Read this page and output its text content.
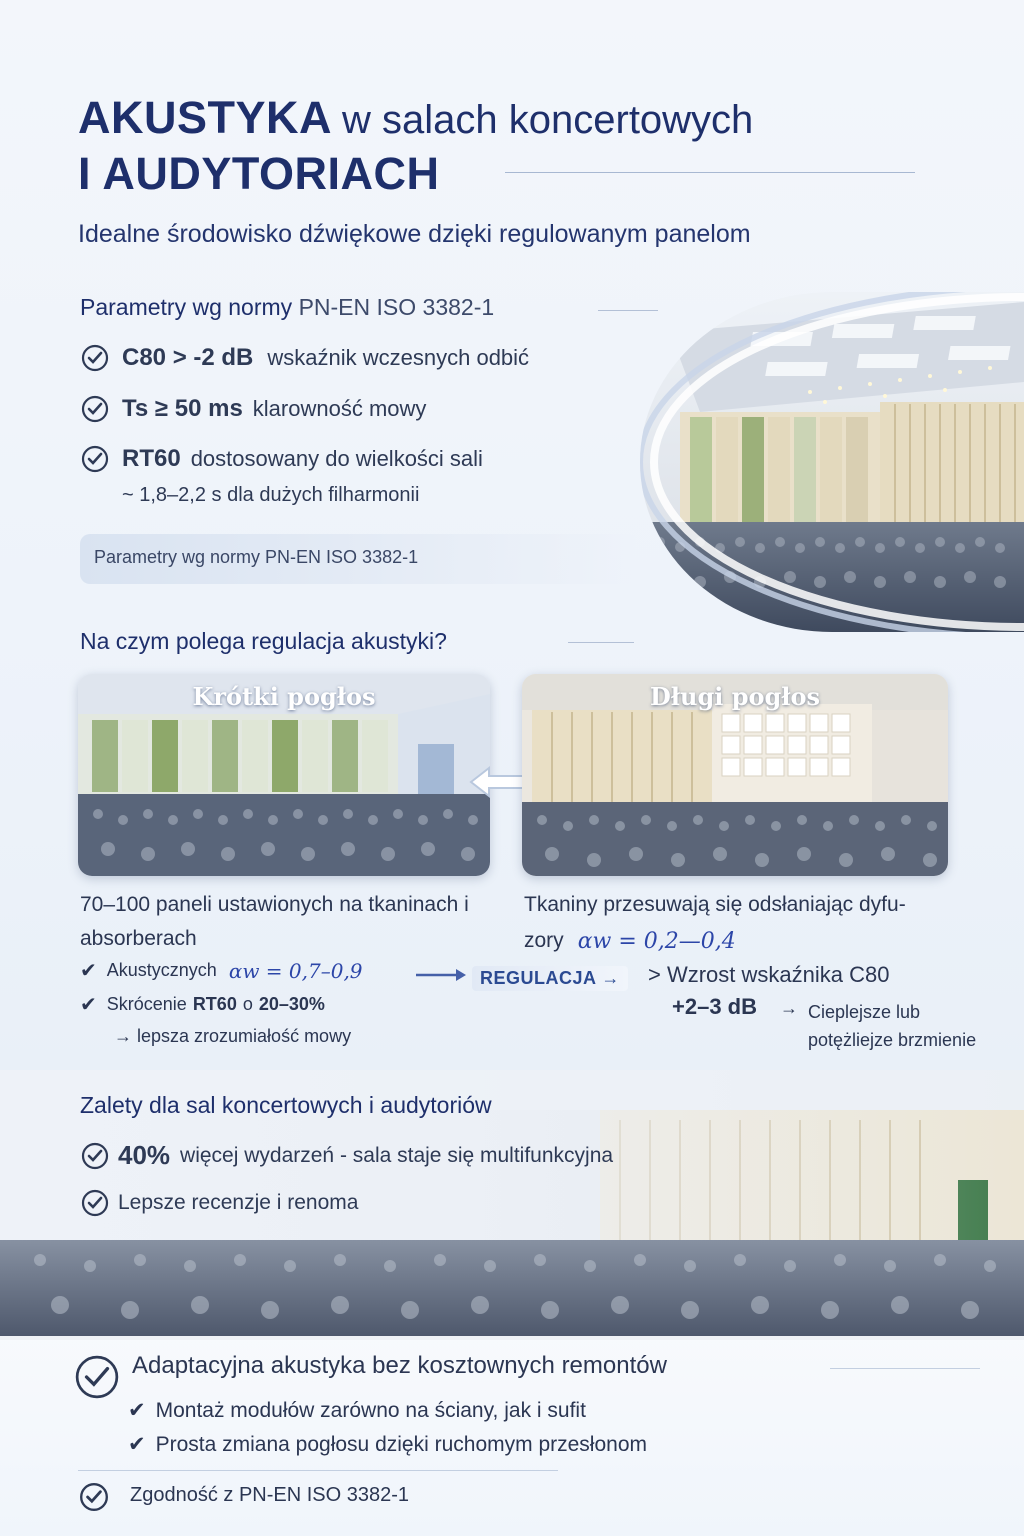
AKUSTYKA w salach koncertowych
I AUDYTORIACH
Idealne środowisko dźwiękowe dzięki regulowanym panelom
Parametry wg normy PN-EN ISO 3382-1
C80 > -2 dB wskaźnik wczesnych odbić
Ts ≥ 50 ms klarowność mowy
RT60 dostosowany do wielkości sali
~ 1,8–2,2 s dla dużych filharmonii
Parametry wg normy PN-EN ISO 3382-1
Na czym polega regulacja akustyki?
Krótki pogłos	Długi pogłos
70–100 paneli ustawionych na tkaninach i absorberach
✔ Akustycznych αw = 0,7–0,9
✔ Skrócenie RT60 o 20–30%
→ lepsza zrozumiałość mowy
REGULACJA →
Tkaniny przesuwają się odsłaniając dyfu-
zory αw = 0,2—0,4
> Wzrost wskaźnika C80
+2–3 dB → Cieplejsze lub
potężliejze brzmienie
Zalety dla sal koncertowych i audytoriów
40% więcej wydarzeń - sala staje się multifunkcyjna
Lepsze recenzje i renoma
Adaptacyjna akustyka bez kosztownych remontów
✔ Montaż modułów zarówno na ściany, jak i sufit
✔ Prosta zmiana pogłosu dzięki ruchomym przesłonom
Zgodność z PN-EN ISO 3382-1
